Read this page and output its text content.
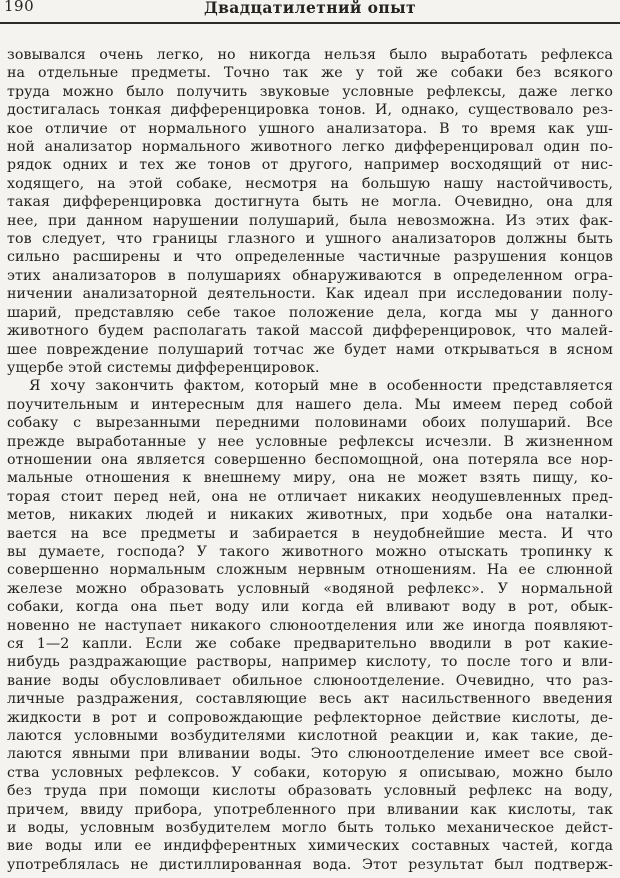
190	Двадцатилетний опыт
зовывался очень легко, но никогда нельзя было выработать рефлекса
на отдельные предметы. Точно так же у той же собаки без всякого
труда можно было получить звуковые условные рефлексы, даже легко
достигалась тонкая дифференцировка тонов. И, однако, существовало рез-
кое отличие от нормального ушного анализатора. В то время как уш-
ной анализатор нормального животного легко дифференцировал один по-
рядок одних и тех же тонов от другого, например восходящий от нис-
ходящего, на этой собаке, несмотря на большую нашу настойчивость,
такая дифференцировка достигнута быть не могла. Очевидно, она для
нее, при данном нарушении полушарий, была невозможна. Из этих фак-
тов следует, что границы глазного и ушного анализаторов должны быть
сильно расширены и что определенные частичные разрушения концов
этих анализаторов в полушариях обнаруживаются в определенном огра-
ничении анализаторной деятельности. Как идеал при исследовании полу-
шарий, представляю себе такое положение дела, когда мы у данного
животного будем располагать такой массой дифференцировок, что малей-
шее повреждение полушарий тотчас же будет нами открываться в ясном
ущербе этой системы дифференцировок.
Я хочу закончить фактом, который мне в особенности представляется
поучительным и интересным для нашего дела. Мы имеем перед собой
собаку с вырезанными передними половинами обоих полушарий. Все
прежде выработанные у нее условные рефлексы исчезли. В жизненном
отношении она является совершенно беспомощной, она потеряла все нор-
мальные отношения к внешнему миру, она не может взять пищу, ко-
торая стоит перед ней, она не отличает никаких неодушевленных пред-
метов, никаких людей и никаких животных, при ходьбе она наталки-
вается на все предметы и забирается в неудобнейшие места. И что
вы думаете, господа? У такого животного можно отыскать тропинку к
совершенно нормальным сложным нервным отношениям. На ее слюнной
железе можно образовать условный «водяной рефлекс». У нормальной
собаки, когда она пьет воду или когда ей вливают воду в рот, обык-
новенно не наступает никакого слюноотделения или же иногда появляют-
ся 1—2 капли. Если же собаке предварительно вводили в рот какие-
нибудь раздражающие растворы, например кислоту, то после того и вли-
вание воды обусловливает обильное слюноотделение. Очевидно, что раз-
личные раздражения, составляющие весь акт насильственного введения
жидкости в рот и сопровождающие рефлекторное действие кислоты, де-
лаются условными возбудителями кислотной реакции и, как такие, де-
лаются явными при вливании воды. Это слюноотделение имеет все свой-
ства условных рефлексов. У собаки, которую я описываю, можно было
без труда при помощи кислоты образовать условный рефлекс на воду,
причем, ввиду прибора, употребленного при вливании как кислоты, так
и воды, условным возбудителем могло быть только механическое дейст-
вие воды или ее индифферентных химических составных частей, когда
употреблялась не дистиллированная вода. Этот результат был подтверж-
